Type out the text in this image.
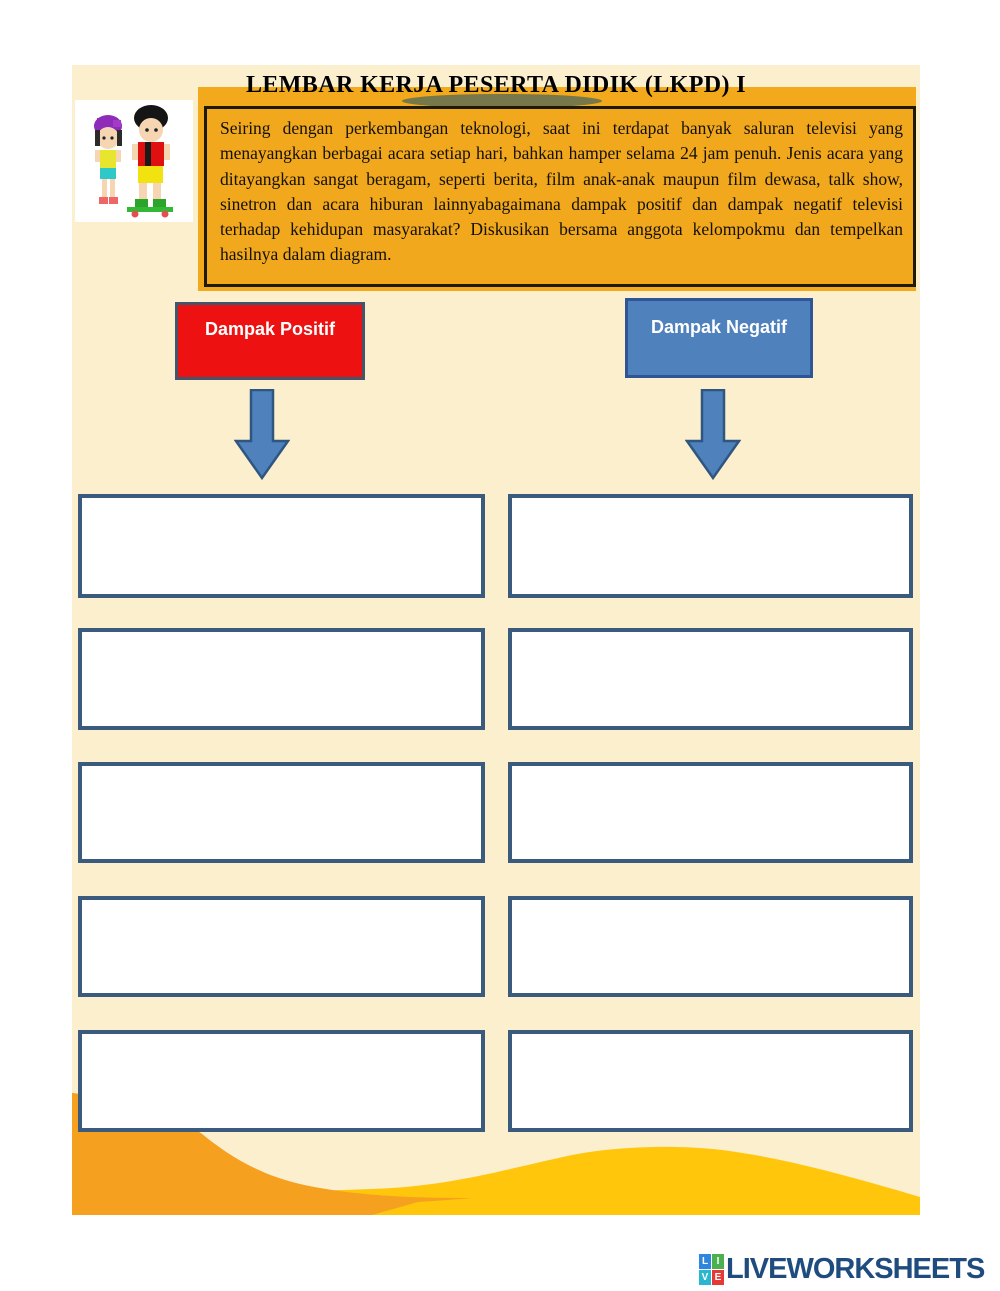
LEMBAR KERJA PESERTA DIDIK (LKPD) I
Seiring dengan perkembangan teknologi, saat ini terdapat banyak saluran televisi yang menayangkan berbagai acara setiap hari, bahkan hamper selama 24 jam penuh. Jenis acara yang ditayangkan sangat beragam, seperti berita, film anak-anak maupun film dewasa, talk show, sinetron dan acara hiburan lainnyabagaimana dampak positif dan dampak negatif televisi terhadap kehidupan masyarakat? Diskusikan bersama anggota kelompokmu dan tempelkan hasilnya dalam diagram.
Dampak Positif	Dampak Negatif
L I
V E LIVEWORKSHEETS
